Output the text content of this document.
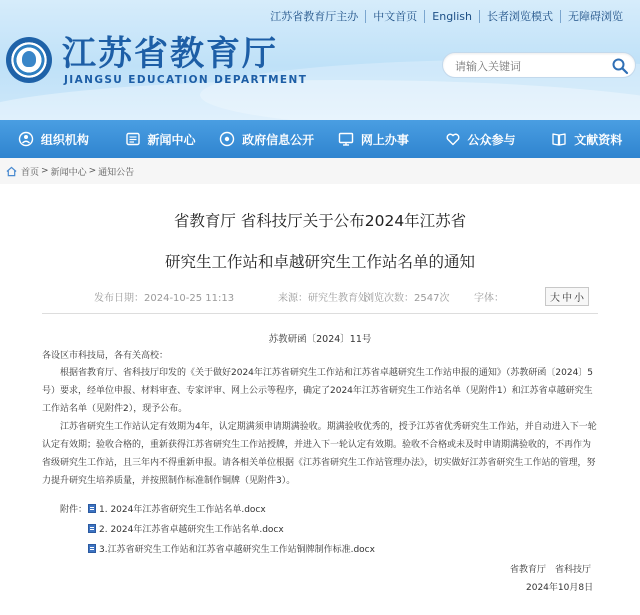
江苏省教育厅主办	中文首页	English	长者浏览模式	无障碍浏览
江苏省教育厅
JIANGSU EDUCATION DEPARTMENT
请输入关键词
组织机构	新闻中心	政府信息公开	网上办事	公众参与	文献资料
首页 > 新闻中心 > 通知公告
省教育厅 省科技厅关于公布2024年江苏省
研究生工作站和卓越研究生工作站名单的通知
发布日期：2024-10-25 11:13	来源：研究生教育处
浏览次数：2547次 字体：	大 中 小
苏教研函〔2024〕11号
各设区市科技局，各有关高校：
根据省教育厅、省科技厅印发的《关于做好2024年江苏省研究生工作站和江苏省卓越研究生工作站申报的通知》（苏教研函〔2024〕5号）要求，经单位申报、材料审查、专家评审、网上公示等程序，确定了2024年江苏省研究生工作站名单（见附件1）和江苏省卓越研究生工作站名单（见附件2），现予公布。
江苏省研究生工作站认定有效期为4年，认定期满须申请期满验收。期满验收优秀的，授予江苏省优秀研究生工作站，并自动进入下一轮认定有效期；验收合格的，重新获得江苏省研究生工作站授牌，并进入下一轮认定有效期。验收不合格或未及时申请期满验收的，不再作为省级研究生工作站，且三年内不得重新申报。请各相关单位根据《江苏省研究生工作站管理办法》，切实做好江苏省研究生工作站的管理，努力提升研究生培养质量，并按照制作标准制作铜牌（见附件3）。
附件： 1. 2024年江苏省研究生工作站名单.docx
2. 2024年江苏省卓越研究生工作站名单.docx
3.江苏省研究生工作站和江苏省卓越研究生工作站铜牌制作标准.docx
省教育厅　省科技厅
2024年10月8日
